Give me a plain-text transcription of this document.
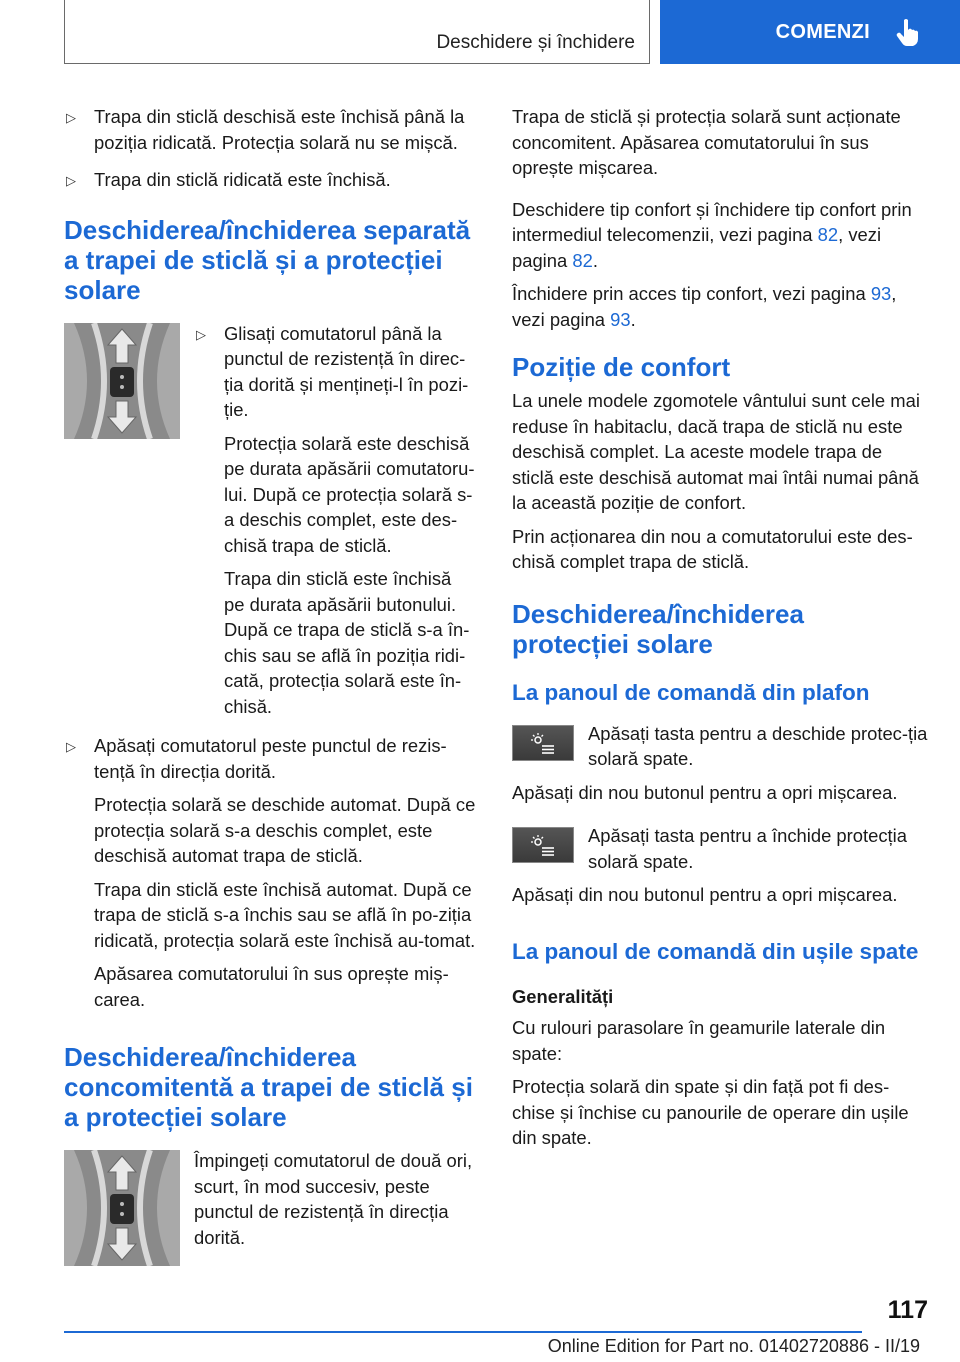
Deschidere și închidere	COMENZI
▷ Trapa din sticlă deschisă este închisă până la poziția ridicată. Protecția solară nu se mișcă.
▷ Trapa din sticlă ridicată este închisă.
Deschiderea/închiderea separată a trapei de sticlă și a protecției solare
▷ Glisați comutatorul până la punctul de rezistență în direc-ția dorită și mențineți-l în pozi-ție.

Protecția solară este deschisă pe durata apăsării comutatoru-lui. După ce protecția solară s-a deschis complet, este des-chisă trapa de sticlă.

Trapa din sticlă este închisă pe durata apăsării butonului. După ce trapa de sticlă s-a în-chis sau se află în poziția ridi-cată, protecția solară este în-chisă.

▷ Apăsați comutatorul peste punctul de rezis-tență în direcția dorită.

Protecția solară se deschide automat. După ce protecția solară s-a deschis complet, este deschisă automat trapa de sticlă.

Trapa din sticlă este închisă automat. După ce trapa de sticlă s-a închis sau se află în po-ziția ridicată, protecția solară este închisă au-tomat.

Apăsarea comutatorului în sus oprește miș-carea.

Deschiderea/închiderea concomitentă a trapei de sticlă și a protecției solare

Împingeți comutatorul de două ori, scurt, în mod succesiv, peste punctul de rezistență în direcția dorită.

Trapa de sticlă și protecția solară sunt acționate concomitent. Apăsarea comutatorului în sus oprește mișcarea.

Deschidere tip confort și închidere tip confort prin intermediul telecomenzii, vezi pagina 82, vezi pagina 82.

Închidere prin acces tip confort, vezi pagina 93, vezi pagina 93.

Poziție de confort

La unele modele zgomotele vântului sunt cele mai reduse în habitaclu, dacă trapa de sticlă nu este deschisă complet. La aceste modele trapa de sticlă este deschisă automat mai întâi numai până la această poziție de confort.

Prin acționarea din nou a comutatorului este des-chisă complet trapa de sticlă.

Deschiderea/închiderea protecției solare
La panoul de comandă din plafon
Apăsați tasta pentru a deschide protec-ția solară spate.

Apăsați din nou butonul pentru a opri mișcarea.

Apăsați tasta pentru a închide protecția solară spate.

Apăsați din nou butonul pentru a opri mișcarea.

La panoul de comandă din ușile spate
Generalități

Cu rulouri parasolare în geamurile laterale din spate:

Protecția solară din spate și din față pot fi des-chise și închise cu panourile de operare din ușile din spate.

117
Online Edition for Part no. 01402720886 - II/19
